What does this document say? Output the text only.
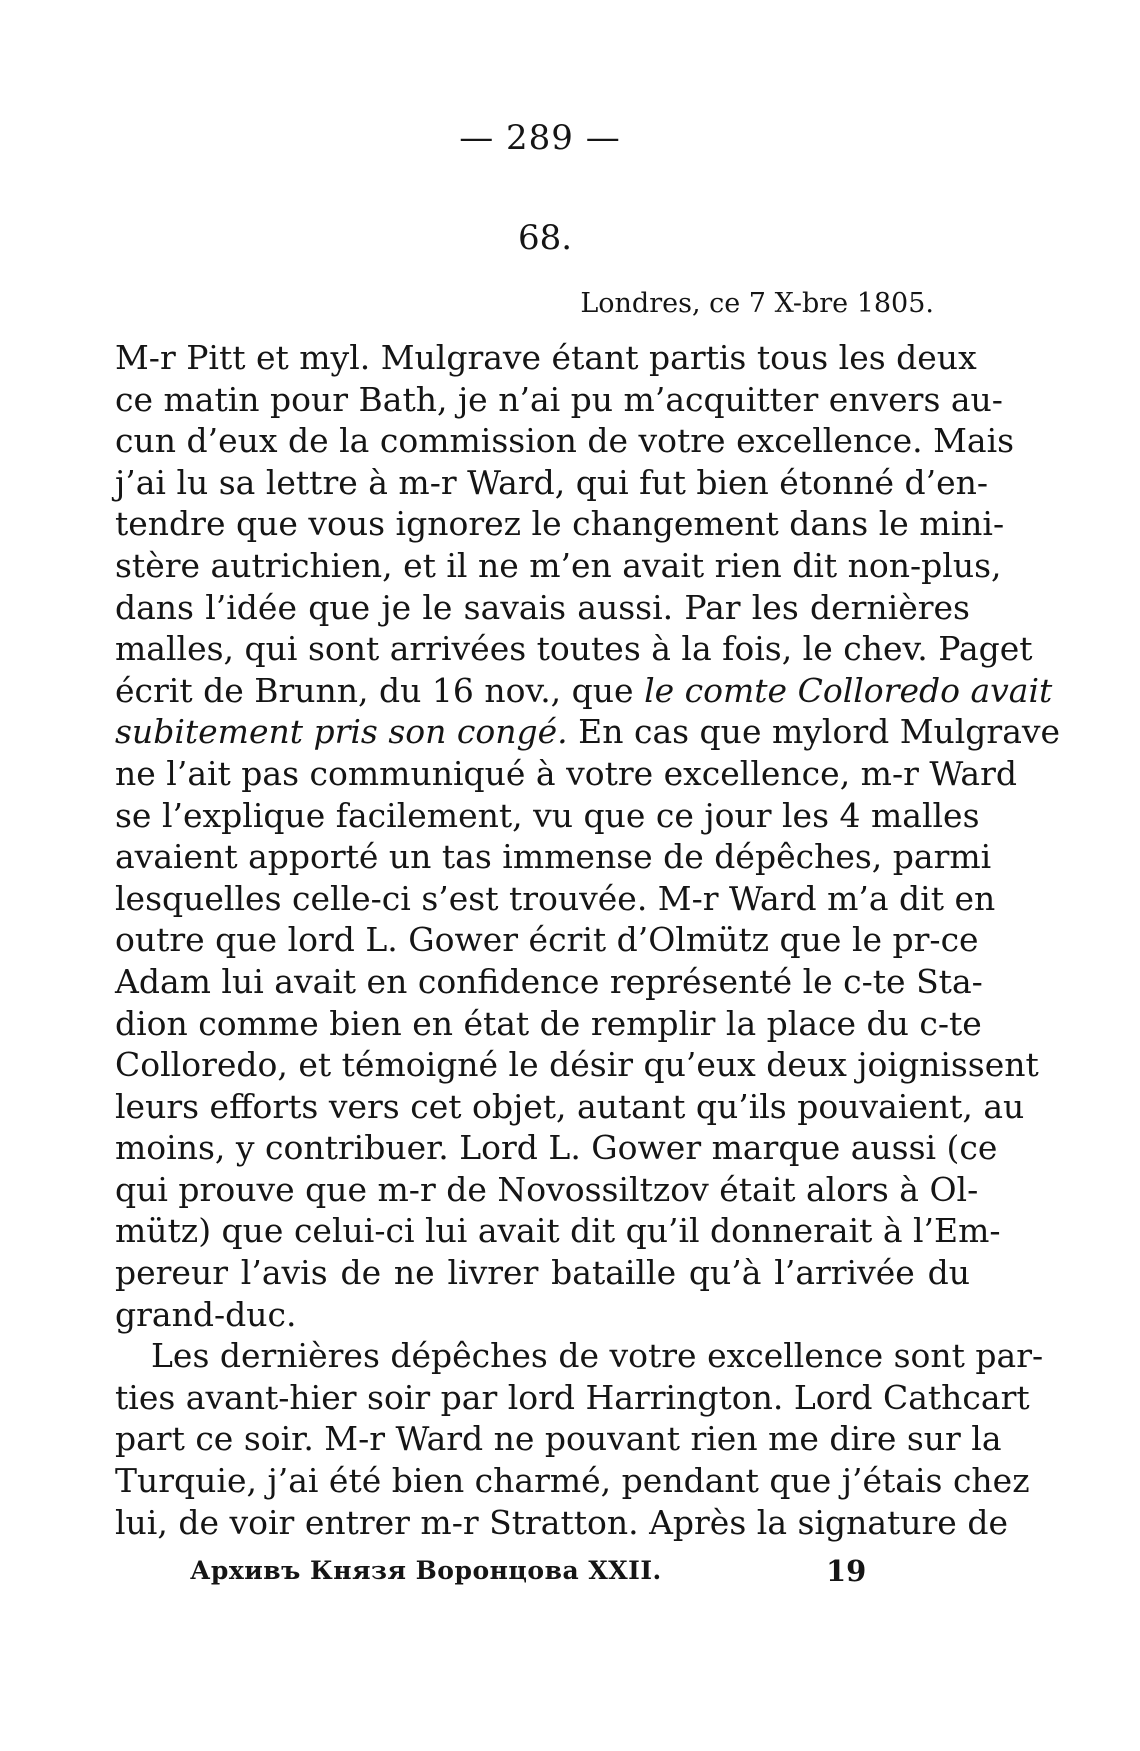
— 289 —
68.
Londres, ce 7 X-bre 1805.
M-r Pitt et myl. Mulgrave étant partis tous les deux
ce matin pour Bath, je n’ai pu m’acquitter envers au-
cun d’eux de la commission de votre excellence. Mais
j’ai lu sa lettre à m-r Ward, qui fut bien étonné d’en-
tendre que vous ignorez le changement dans le mini-
stère autrichien, et il ne m’en avait rien dit non-plus,
dans l’idée que je le savais aussi. Par les dernières
malles, qui sont arrivées toutes à la fois, le chev. Paget
écrit de Brunn, du 16 nov., que le comte Colloredo avait
subitement pris son congé. En cas que mylord Mulgrave
ne l’ait pas communiqué à votre excellence, m-r Ward
se l’explique facilement, vu que ce jour les 4 malles
avaient apporté un tas immense de dépêches, parmi
lesquelles celle-ci s’est trouvée. M-r Ward m’a dit en
outre que lord L. Gower écrit d’Olmütz que le pr-ce
Adam lui avait en confidence représenté le c-te Sta-
dion comme bien en état de remplir la place du c-te
Colloredo, et témoigné le désir qu’eux deux joignissent
leurs efforts vers cet objet, autant qu’ils pouvaient, au
moins, y contribuer. Lord L. Gower marque aussi (ce
qui prouve que m-r de Novossiltzov était alors à Ol-
mütz) que celui-ci lui avait dit qu’il donnerait à l’Em-
pereur l’avis de ne livrer bataille qu’à l’arrivée du
grand-duc.
Les dernières dépêches de votre excellence sont par-
ties avant-hier soir par lord Harrington. Lord Cathcart
part ce soir. M-r Ward ne pouvant rien me dire sur la
Turquie, j’ai été bien charmé, pendant que j’étais chez
lui, de voir entrer m-r Stratton. Après la signature de
Архивъ Князя Воронцова XXII.	19
